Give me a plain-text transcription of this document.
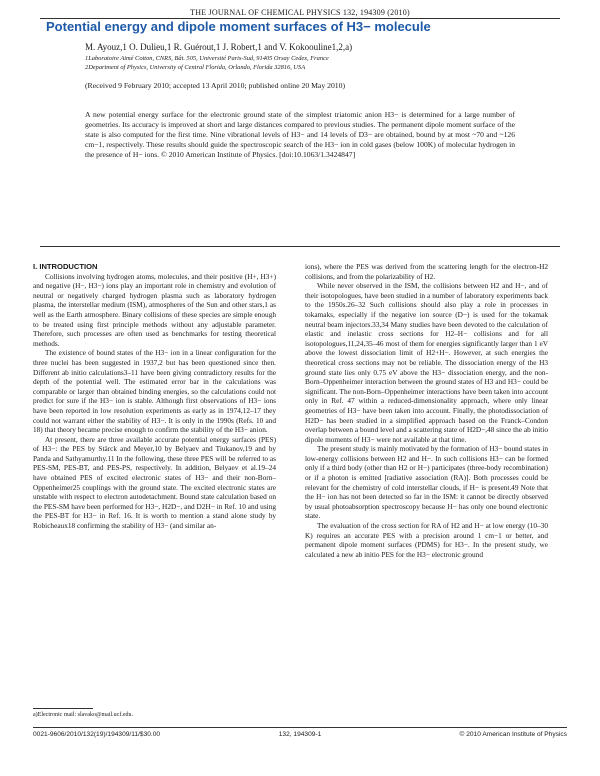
THE JOURNAL OF CHEMICAL PHYSICS 132, 194309 (2010)
Potential energy and dipole moment surfaces of H3− molecule
M. Ayouz,1 O. Dulieu,1 R. Guérout,1 J. Robert,1 and V. Kokoouline1,2,a)
1Laboratoire Aimé Cotton, CNRS, Bât. 505, Université Paris-Sud, 91405 Orsay Cedex, France
2Department of Physics, University of Central Florida, Orlando, Florida 32816, USA
(Received 9 February 2010; accepted 13 April 2010; published online 20 May 2010)
A new potential energy surface for the electronic ground state of the simplest triatomic anion H3− is determined for a large number of geometries. Its accuracy is improved at short and large distances compared to previous studies. The permanent dipole moment surface of the state is also computed for the first time. Nine vibrational levels of H3− and 14 levels of D3− are obtained, bound by at most ~70 and ~126 cm−1, respectively. These results should guide the spectroscopic search of the H3− ion in cold gases (below 100K) of molecular hydrogen in the presence of H− ions. © 2010 American Institute of Physics. [doi:10.1063/1.3424847]

I. INTRODUCTION

Collisions involving hydrogen atoms, molecules, and their positive (H+, H3+) and negative (H−, H3−) ions play an important role in chemistry and evolution of neutral or negatively charged hydrogen plasma such as laboratory hydrogen plasma, the interstellar medium (ISM), atmospheres of the Sun and other stars,1 as well as the Earth atmosphere. Binary collisions of these species are simple enough to be treated using first principle methods without any adjustable parameter. Therefore, such processes are often used as benchmarks for testing theoretical methods.

The existence of bound states of the H3− ion in a linear configuration for the three nuclei has been suggested in 1937,2 but has been questioned since then. Different ab initio calculations3–11 have been giving contradictory results for the depth of the potential well. The estimated error bar in the calculations was comparable or larger than obtained binding energies, so the calculations could not predict for sure if the H3− ion is stable. Although first observations of H3− ions have been reported in low resolution experiments as early as in 1974,12–17 they could not warrant either the stability of H3−. It is only in the 1990s (Refs. 10 and 18) that theory became precise enough to confirm the stability of the H3− anion.

At present, there are three available accurate potential energy surfaces (PES) of H3−: the PES by Stärck and Meyer,10 by Belyaev and Tiukanov,19 and by Panda and Sathyamurthy.11 In the following, these three PES will be referred to as PES-SM, PES-BT, and PES-PS, respectively. In addition, Belyaev et al.19–24 have obtained PES of excited electronic states of H3− and their non-Born–Oppenheimer25 couplings with the ground state. The excited electronic states are unstable with respect to electron autodetachment. Bound state calculation based on the PES-SM have been performed for H3−, H2D−, and D2H− in Ref. 10 and using the PES-BT for H3− in Ref. 16. It is worth to mention a stand alone study by Robicheaux18 confirming the stability of H3− (and similar an-

ions), where the PES was derived from the scattering length for the electron-H2 collisions, and from the polarizability of H2.

While never observed in the ISM, the collisions between H2 and H−, and of their isotopologues, have been studied in a number of laboratory experiments back to the 1950s.26–32 Such collisions should also play a role in processes in tokamaks, especially if the negative ion source (D−) is used for the tokamak neutral beam injectors.33,34 Many studies have been devoted to the calculation of elastic and inelastic cross sections for H2–H− collisions and for all isotopologues,11,24,35–46 most of them for energies significantly larger than 1 eV above the lowest dissociation limit of H2+H−. However, at such energies the theoretical cross sections may not be reliable. The dissociation energy of the H3 ground state lies only 0.75 eV above the H3− dissociation energy, and the non-Born–Oppenheimer interaction between the ground states of H3 and H3− could be significant. The non-Born–Oppenheimer interactions have been taken into account only in Ref. 47 within a reduced-dimensionality approach, where only linear geometries of H3− have been taken into account. Finally, the photodissociation of H2D− has been studied in a simplified approach based on the Franck–Condon overlap between a bound level and a scattering state of H2D−,48 since the ab initio dipole moments of H3− were not available at that time.

The present study is mainly motivated by the formation of H3− bound states in low-energy collisions between H2 and H−. In such collisions H3− can be formed only if a third body (other than H2 or H−) participates (three-body recombination) or if a photon is emitted [radiative association (RA)]. Both processes could be relevant for the chemistry of cold interstellar clouds, if H− is present.49 Note that the H− ion has not been detected so far in the ISM: it cannot be directly observed by usual photoabsorption spectroscopy because H− has only one bound electronic state.

The evaluation of the cross section for RA of H2 and H− at low energy (10–30 K) requires an accurate PES with a precision around 1 cm−1 or better, and permanent dipole moment surfaces (PDMS) for H3−. In the present study, we calculated a new ab initio PES for the H3− electronic ground

a)Electronic mail: slavako@mail.ucf.edu.
0021-9606/2010/132(19)/194309/11/$30.00	132, 194309-1	© 2010 American Institute of Physics
